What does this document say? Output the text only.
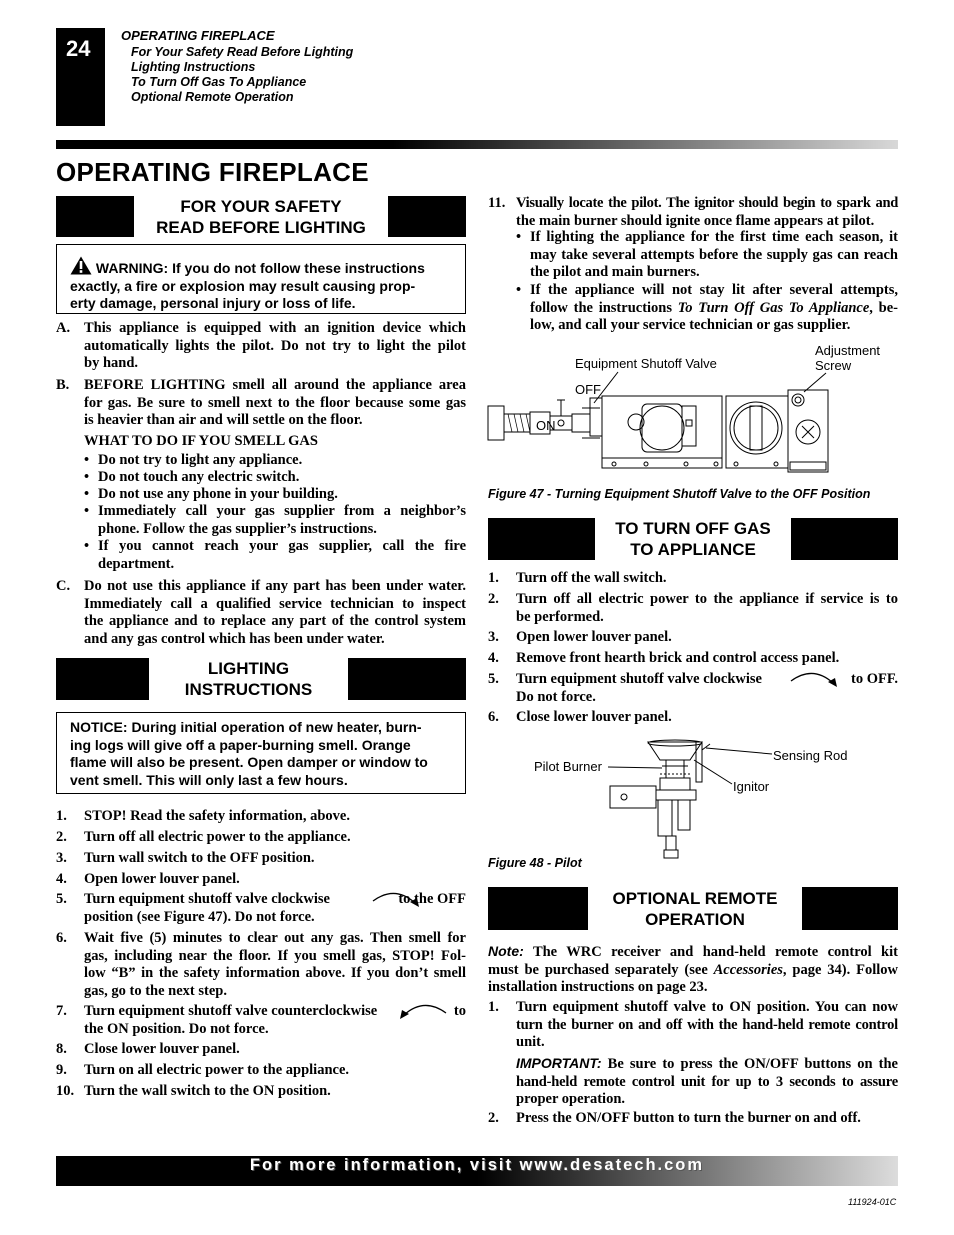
24
OPERATING FIREPLACE
For Your Safety Read Before Lighting
Lighting Instructions
To Turn Off Gas To Appliance
Optional Remote Operation
OPERATING FIREPLACE
FOR YOUR SAFETY
READ BEFORE LIGHTING
WARNING: If you do not follow these instructions
exactly, a fire or explosion may result causing prop-
erty damage, personal injury or loss of life.
A. This appliance is equipped with an ignition device which
automatically lights the pilot. Do not try to light the pilot
by hand.
B. BEFORE LIGHTING smell all around the appliance area
for gas. Be sure to smell next to the floor because some gas
is heavier than air and will settle on the floor.
WHAT TO DO IF YOU SMELL GAS
• Do not try to light any appliance.
• Do not touch any electric switch.
• Do not use any phone in your building.
• Immediately call your gas supplier from a neighbor’s
phone. Follow the gas supplier’s instructions.
• If you cannot reach your gas supplier, call the fire
department.
C. Do not use this appliance if any part has been under water.
Immediately call a qualified service technician to inspect
the appliance and to replace any part of the control system
and any gas control which has been under water.
LIGHTING
INSTRUCTIONS
NOTICE: During initial operation of new heater, burn-
ing logs will give off a paper-burning smell. Orange
flame will also be present. Open damper or window to
vent smell. This will only last a few hours.
1. STOP! Read the safety information, above.
2. Turn off all electric power to the appliance.
3. Turn wall switch to the OFF position.
4. Open lower louver panel.
5. Turn equipment shutoff valve clockwise	to the OFF
position (see Figure 47). Do not force.
6. Wait five (5) minutes to clear out any gas. Then smell for
gas, including near the floor. If you smell gas, STOP! Fol-
low “B” in the safety information above. If you don’t smell
gas, go to the next step.
7. Turn equipment shutoff valve counterclockwise	to
the ON position. Do not force.
8. Close lower louver panel.
9. Turn on all electric power to the appliance.
10. Turn the wall switch to the ON position.
11. Visually locate the pilot. The ignitor should begin to spark and
the main burner should ignite once flame appears at pilot.
• If lighting the appliance for the first time each season, it
may take several attempts before the supply gas can reach
the pilot and main burners.
• If the appliance will not stay lit after several attempts,
follow the instructions To Turn Off Gas To Appliance, be-
low, and call your service technician or gas supplier.
Equipment Shutoff Valve
Adjustment
Screw
OFF
ON
Figure 47 - Turning Equipment Shutoff Valve to the OFF Position
TO TURN OFF GAS
TO APPLIANCE
1. Turn off the wall switch.
2. Turn off all electric power to the appliance if service is to
be performed.
3. Open lower louver panel.
4. Remove front hearth brick and control access panel.
5. Turn equipment shutoff valve clockwise	to OFF.
Do not force.
6. Close lower louver panel.
Pilot Burner
Sensing Rod
Ignitor
Figure 48 - Pilot
OPTIONAL REMOTE
OPERATION
Note: The WRC receiver and hand-held remote control kit
must be purchased separately (see Accessories, page 34). Follow
installation instructions on page 23.
1. Turn equipment shutoff valve to ON position. You can now
turn the burner on and off with the hand-held remote control
unit.
IMPORTANT: Be sure to press the ON/OFF buttons on the
hand-held remote control unit for up to 3 seconds to assure
proper operation.
2. Press the ON/OFF button to turn the burner on and off.
For more information, visit www.desatech.com
111924-01C
